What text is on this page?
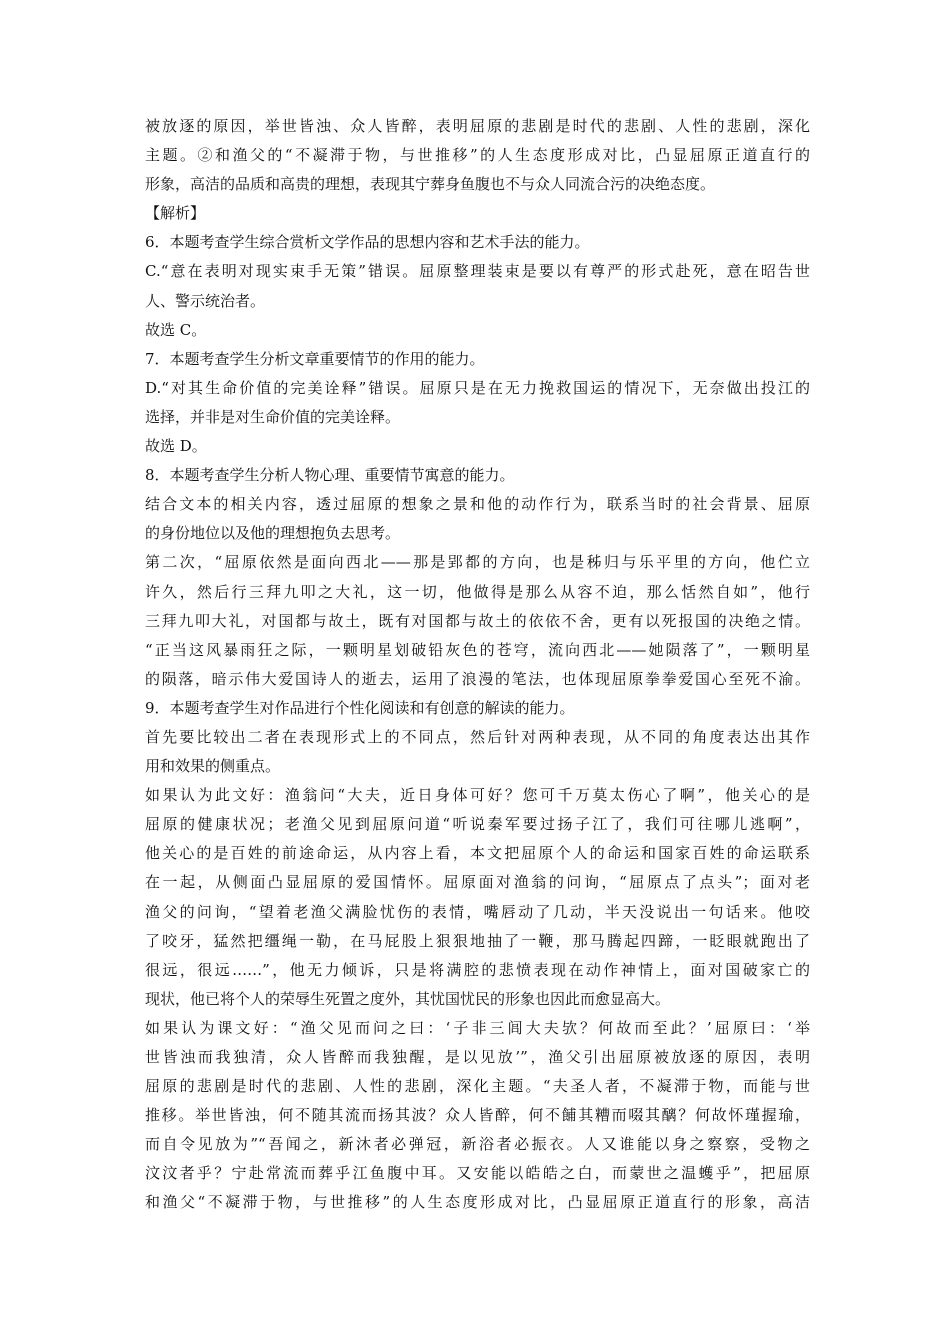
被放逐的原因，举世皆浊、众人皆醉，表明屈原的悲剧是时代的悲剧、人性的悲剧，深化
主题。②和渔父的“不凝滞于物，与世推移”的人生态度形成对比，凸显屈原正道直行的
形象，高洁的品质和高贵的理想，表现其宁葬身鱼腹也不与众人同流合污的决绝态度。
【解析】
6．本题考查学生综合赏析文学作品的思想内容和艺术手法的能力。
C.“意在表明对现实束手无策”错误。屈原整理装束是要以有尊严的形式赴死，意在昭告世
人、警示统治者。
故选 C。
7．本题考查学生分析文章重要情节的作用的能力。
D.“对其生命价值的完美诠释”错误。屈原只是在无力挽救国运的情况下，无奈做出投江的
选择，并非是对生命价值的完美诠释。
故选 D。
8．本题考查学生分析人物心理、重要情节寓意的能力。
结合文本的相关内容，透过屈原的想象之景和他的动作行为，联系当时的社会背景、屈原
的身份地位以及他的理想抱负去思考。
第二次，“屈原依然是面向西北——那是郢都的方向，也是秭归与乐平里的方向，他伫立
许久，然后行三拜九叩之大礼，这一切，他做得是那么从容不迫，那么恬然自如”，他行
三拜九叩大礼，对国都与故土，既有对国都与故土的依依不舍，更有以死报国的决绝之情。
“正当这风暴雨狂之际，一颗明星划破铅灰色的苍穹，流向西北——她陨落了”，一颗明星
的陨落，暗示伟大爱国诗人的逝去，运用了浪漫的笔法，也体现屈原拳拳爱国心至死不渝。
9．本题考查学生对作品进行个性化阅读和有创意的解读的能力。
首先要比较出二者在表现形式上的不同点，然后针对两种表现，从不同的角度表达出其作
用和效果的侧重点。
如果认为此文好：渔翁问“大夫，近日身体可好？您可千万莫太伤心了啊”，他关心的是
屈原的健康状况；老渔父见到屈原问道“听说秦军要过扬子江了，我们可往哪儿逃啊”，
他关心的是百姓的前途命运，从内容上看，本文把屈原个人的命运和国家百姓的命运联系
在一起，从侧面凸显屈原的爱国情怀。屈原面对渔翁的问询，“屈原点了点头”；面对老
渔父的问询，“望着老渔父满脸忧伤的表情，嘴唇动了几动，半天没说出一句话来。他咬
了咬牙，猛然把缰绳一勒，在马屁股上狠狠地抽了一鞭，那马腾起四蹄，一眨眼就跑出了
很远，很远……”，他无力倾诉，只是将满腔的悲愤表现在动作神情上，面对国破家亡的
现状，他已将个人的荣辱生死置之度外，其忧国忧民的形象也因此而愈显高大。
如果认为课文好：“渔父见而问之曰：‘子非三闾大夫欤？何故而至此？’屈原曰：‘举
世皆浊而我独清，众人皆醉而我独醒，是以见放’”，渔父引出屈原被放逐的原因，表明
屈原的悲剧是时代的悲剧、人性的悲剧，深化主题。“夫圣人者，不凝滞于物，而能与世
推移。举世皆浊，何不随其流而扬其波？众人皆醉，何不餔其糟而啜其醨？何故怀瑾握瑜，
而自令见放为”“吾闻之，新沐者必弹冠，新浴者必振衣。人又谁能以身之察察，受物之
汶汶者乎？宁赴常流而葬乎江鱼腹中耳。又安能以皓皓之白，而蒙世之温蠖乎”，把屈原
和渔父“不凝滞于物，与世推移”的人生态度形成对比，凸显屈原正道直行的形象，高洁
